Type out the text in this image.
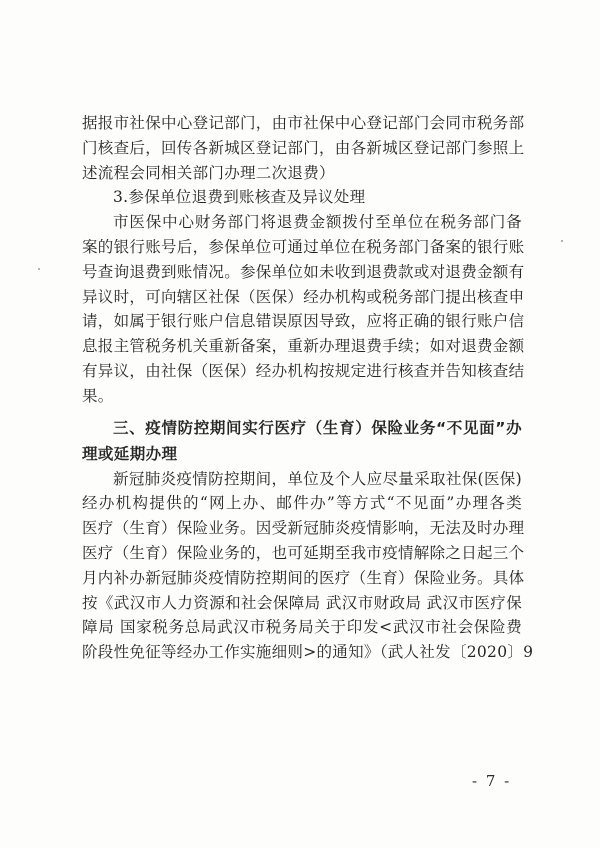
据报市社保中心登记部门，由市社保中心登记部门会同市税务部
门核查后，回传各新城区登记部门，由各新城区登记部门参照上
述流程会同相关部门办理二次退费）
3.参保单位退费到账核查及异议处理
市医保中心财务部门将退费金额拨付至单位在税务部门备
案的银行账号后，参保单位可通过单位在税务部门备案的银行账
号查询退费到账情况。参保单位如未收到退费款或对退费金额有
异议时，可向辖区社保（医保）经办机构或税务部门提出核查申
请，如属于银行账户信息错误原因导致，应将正确的银行账户信
息报主管税务机关重新备案，重新办理退费手续；如对退费金额
有异议，由社保（医保）经办机构按规定进行核查并告知核查结
果。
三、疫情防控期间实行医疗（生育）保险业务“不见面”办
理或延期办理
新冠肺炎疫情防控期间，单位及个人应尽量采取社保(医保)
经办机构提供的“网上办、邮件办”等方式“不见面”办理各类
医疗（生育）保险业务。因受新冠肺炎疫情影响，无法及时办理
医疗（生育）保险业务的，也可延期至我市疫情解除之日起三个
月内补办新冠肺炎疫情防控期间的医疗（生育）保险业务。具体
按《武汉市人力资源和社会保障局 武汉市财政局 武汉市医疗保
障局 国家税务总局武汉市税务局关于印发<武汉市社会保险费
阶段性免征等经办工作实施细则>的通知》（武人社发〔2020〕9
- 7 -
